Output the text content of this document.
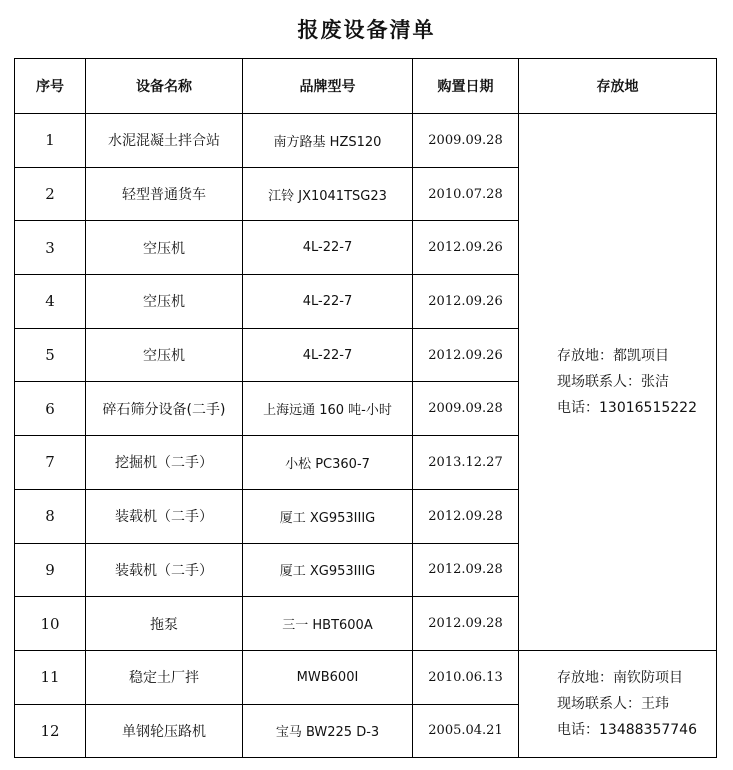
报废设备清单
序号	设备名称	品牌型号	购置日期	存放地
1	水泥混凝土拌合站	南方路基 HZS120	2009.09.28	存放地：都凯项目
现场联系人：张洁
电话：13016515222

2	轻型普通货车	江铃 JX1041TSG23	2010.07.28	
3	空压机	4L-22-7	2012.09.26	
4	空压机	4L-22-7	2012.09.26	
5	空压机	4L-22-7	2012.09.26	
6	碎石筛分设备(二手)	上海远通 160 吨-小时	2009.09.28	
7	挖掘机（二手）	小松 PC360-7	2013.12.27	
8	装载机（二手）	厦工 XG953IIIG	2012.09.28	
9	装载机（二手）	厦工 XG953IIIG	2012.09.28	
10	拖泵	三一 HBT600A	2012.09.28	
11	稳定土厂拌	MWB600I	2010.06.13	存放地：南钦防项目
现场联系人：王玮
电话：13488357746

12	单钢轮压路机	宝马 BW225 D-3	2005.04.21	
